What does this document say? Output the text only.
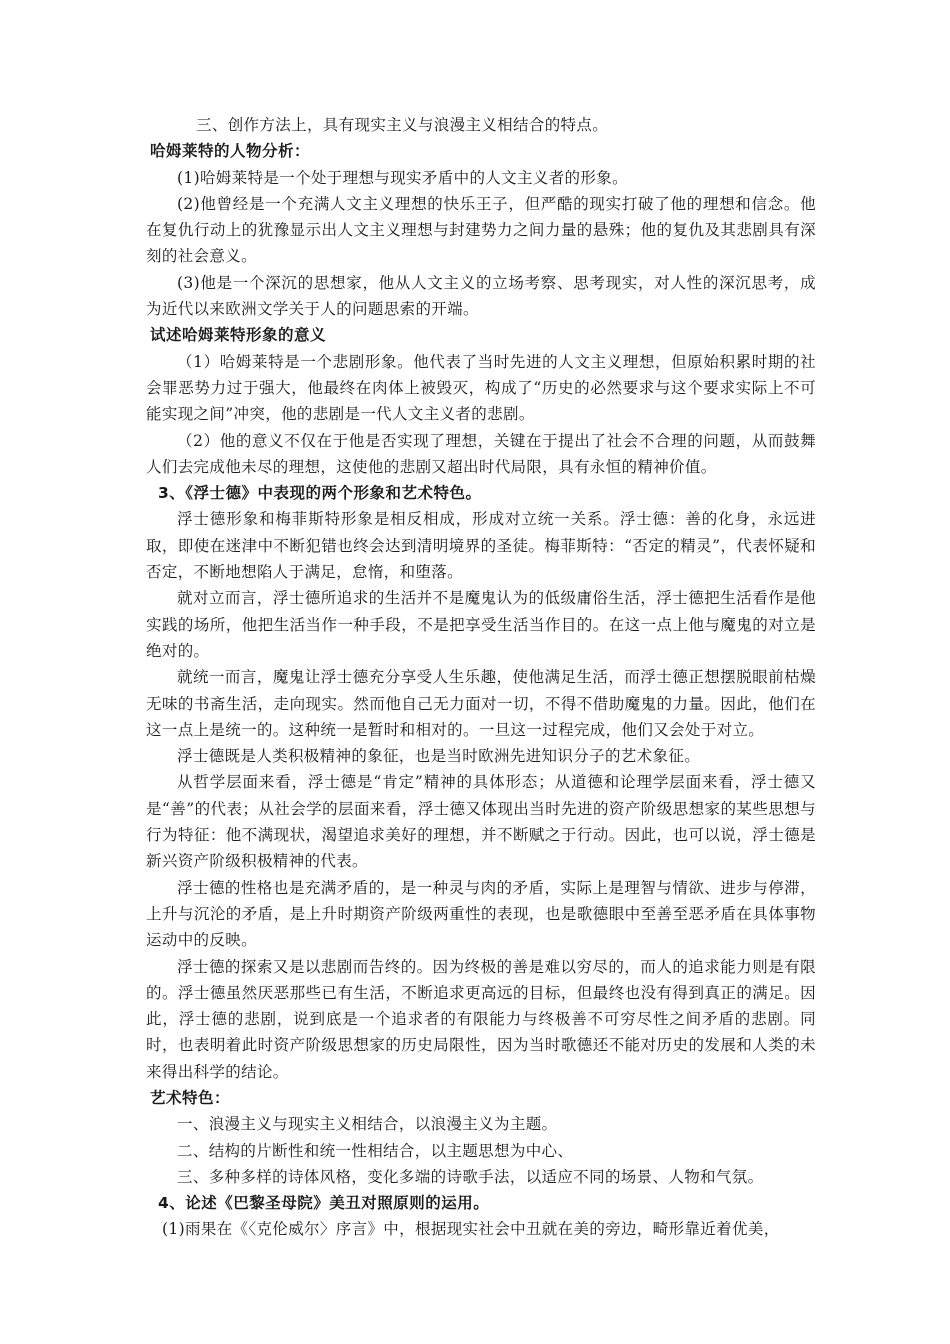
三、创作方法上，具有现实主义与浪漫主义相结合的特点。

哈姆莱特的人物分析：

(1)哈姆莱特是一个处于理想与现实矛盾中的人文主义者的形象。

(2)他曾经是一个充满人文主义理想的快乐王子，但严酷的现实打破了他的理想和信念。他在复仇行动上的犹豫显示出人文主义理想与封建势力之间力量的悬殊；他的复仇及其悲剧具有深刻的社会意义。

(3)他是一个深沉的思想家，他从人文主义的立场考察、思考现实，对人性的深沉思考，成为近代以来欧洲文学关于人的问题思索的开端。

试述哈姆莱特形象的意义

（1）哈姆莱特是一个悲剧形象。他代表了当时先进的人文主义理想，但原始积累时期的社会罪恶势力过于强大，他最终在肉体上被毁灭，构成了“历史的必然要求与这个要求实际上不可能实现之间”冲突，他的悲剧是一代人文主义者的悲剧。

（2）他的意义不仅在于他是否实现了理想，关键在于提出了社会不合理的问题，从而鼓舞人们去完成他未尽的理想，这使他的悲剧又超出时代局限，具有永恒的精神价值。

3、《浮士德》中表现的两个形象和艺术特色。

浮士德形象和梅菲斯特形象是相反相成，形成对立统一关系。浮士德：善的化身，永远进取，即使在迷津中不断犯错也终会达到清明境界的圣徒。梅菲斯特：“否定的精灵”，代表怀疑和否定，不断地想陷人于满足，怠惰，和堕落。

就对立而言，浮士德所追求的生活并不是魔鬼认为的低级庸俗生活，浮士德把生活看作是他实践的场所，他把生活当作一种手段，不是把享受生活当作目的。在这一点上他与魔鬼的对立是绝对的。

就统一而言，魔鬼让浮士德充分享受人生乐趣，使他满足生活，而浮士德正想摆脱眼前枯燥无味的书斋生活，走向现实。然而他自己无力面对一切，不得不借助魔鬼的力量。因此，他们在这一点上是统一的。这种统一是暂时和相对的。一旦这一过程完成，他们又会处于对立。

浮士德既是人类积极精神的象征，也是当时欧洲先进知识分子的艺术象征。

从哲学层面来看，浮士德是“肯定”精神的具体形态；从道德和论理学层面来看，浮士德又是“善”的代表；从社会学的层面来看，浮士德又体现出当时先进的资产阶级思想家的某些思想与行为特征：他不满现状，渴望追求美好的理想，并不断赋之于行动。因此，也可以说，浮士德是新兴资产阶级积极精神的代表。

浮士德的性格也是充满矛盾的，是一种灵与肉的矛盾，实际上是理智与情欲、进步与停滞，上升与沉沦的矛盾，是上升时期资产阶级两重性的表现，也是歌德眼中至善至恶矛盾在具体事物运动中的反映。

浮士德的探索又是以悲剧而告终的。因为终极的善是难以穷尽的，而人的追求能力则是有限的。浮士德虽然厌恶那些已有生活，不断追求更高远的目标，但最终也没有得到真正的满足。因此，浮士德的悲剧，说到底是一个追求者的有限能力与终极善不可穷尽性之间矛盾的悲剧。同时，也表明着此时资产阶级思想家的历史局限性，因为当时歌德还不能对历史的发展和人类的未来得出科学的结论。

艺术特色：

一、浪漫主义与现实主义相结合，以浪漫主义为主题。

二、结构的片断性和统一性相结合，以主题思想为中心、

三、多种多样的诗体风格，变化多端的诗歌手法，以适应不同的场景、人物和气氛。

4、论述《巴黎圣母院》美丑对照原则的运用。

(1)雨果在《〈克伦威尔〉序言》中，根据现实社会中丑就在美的旁边，畸形靠近着优美，
